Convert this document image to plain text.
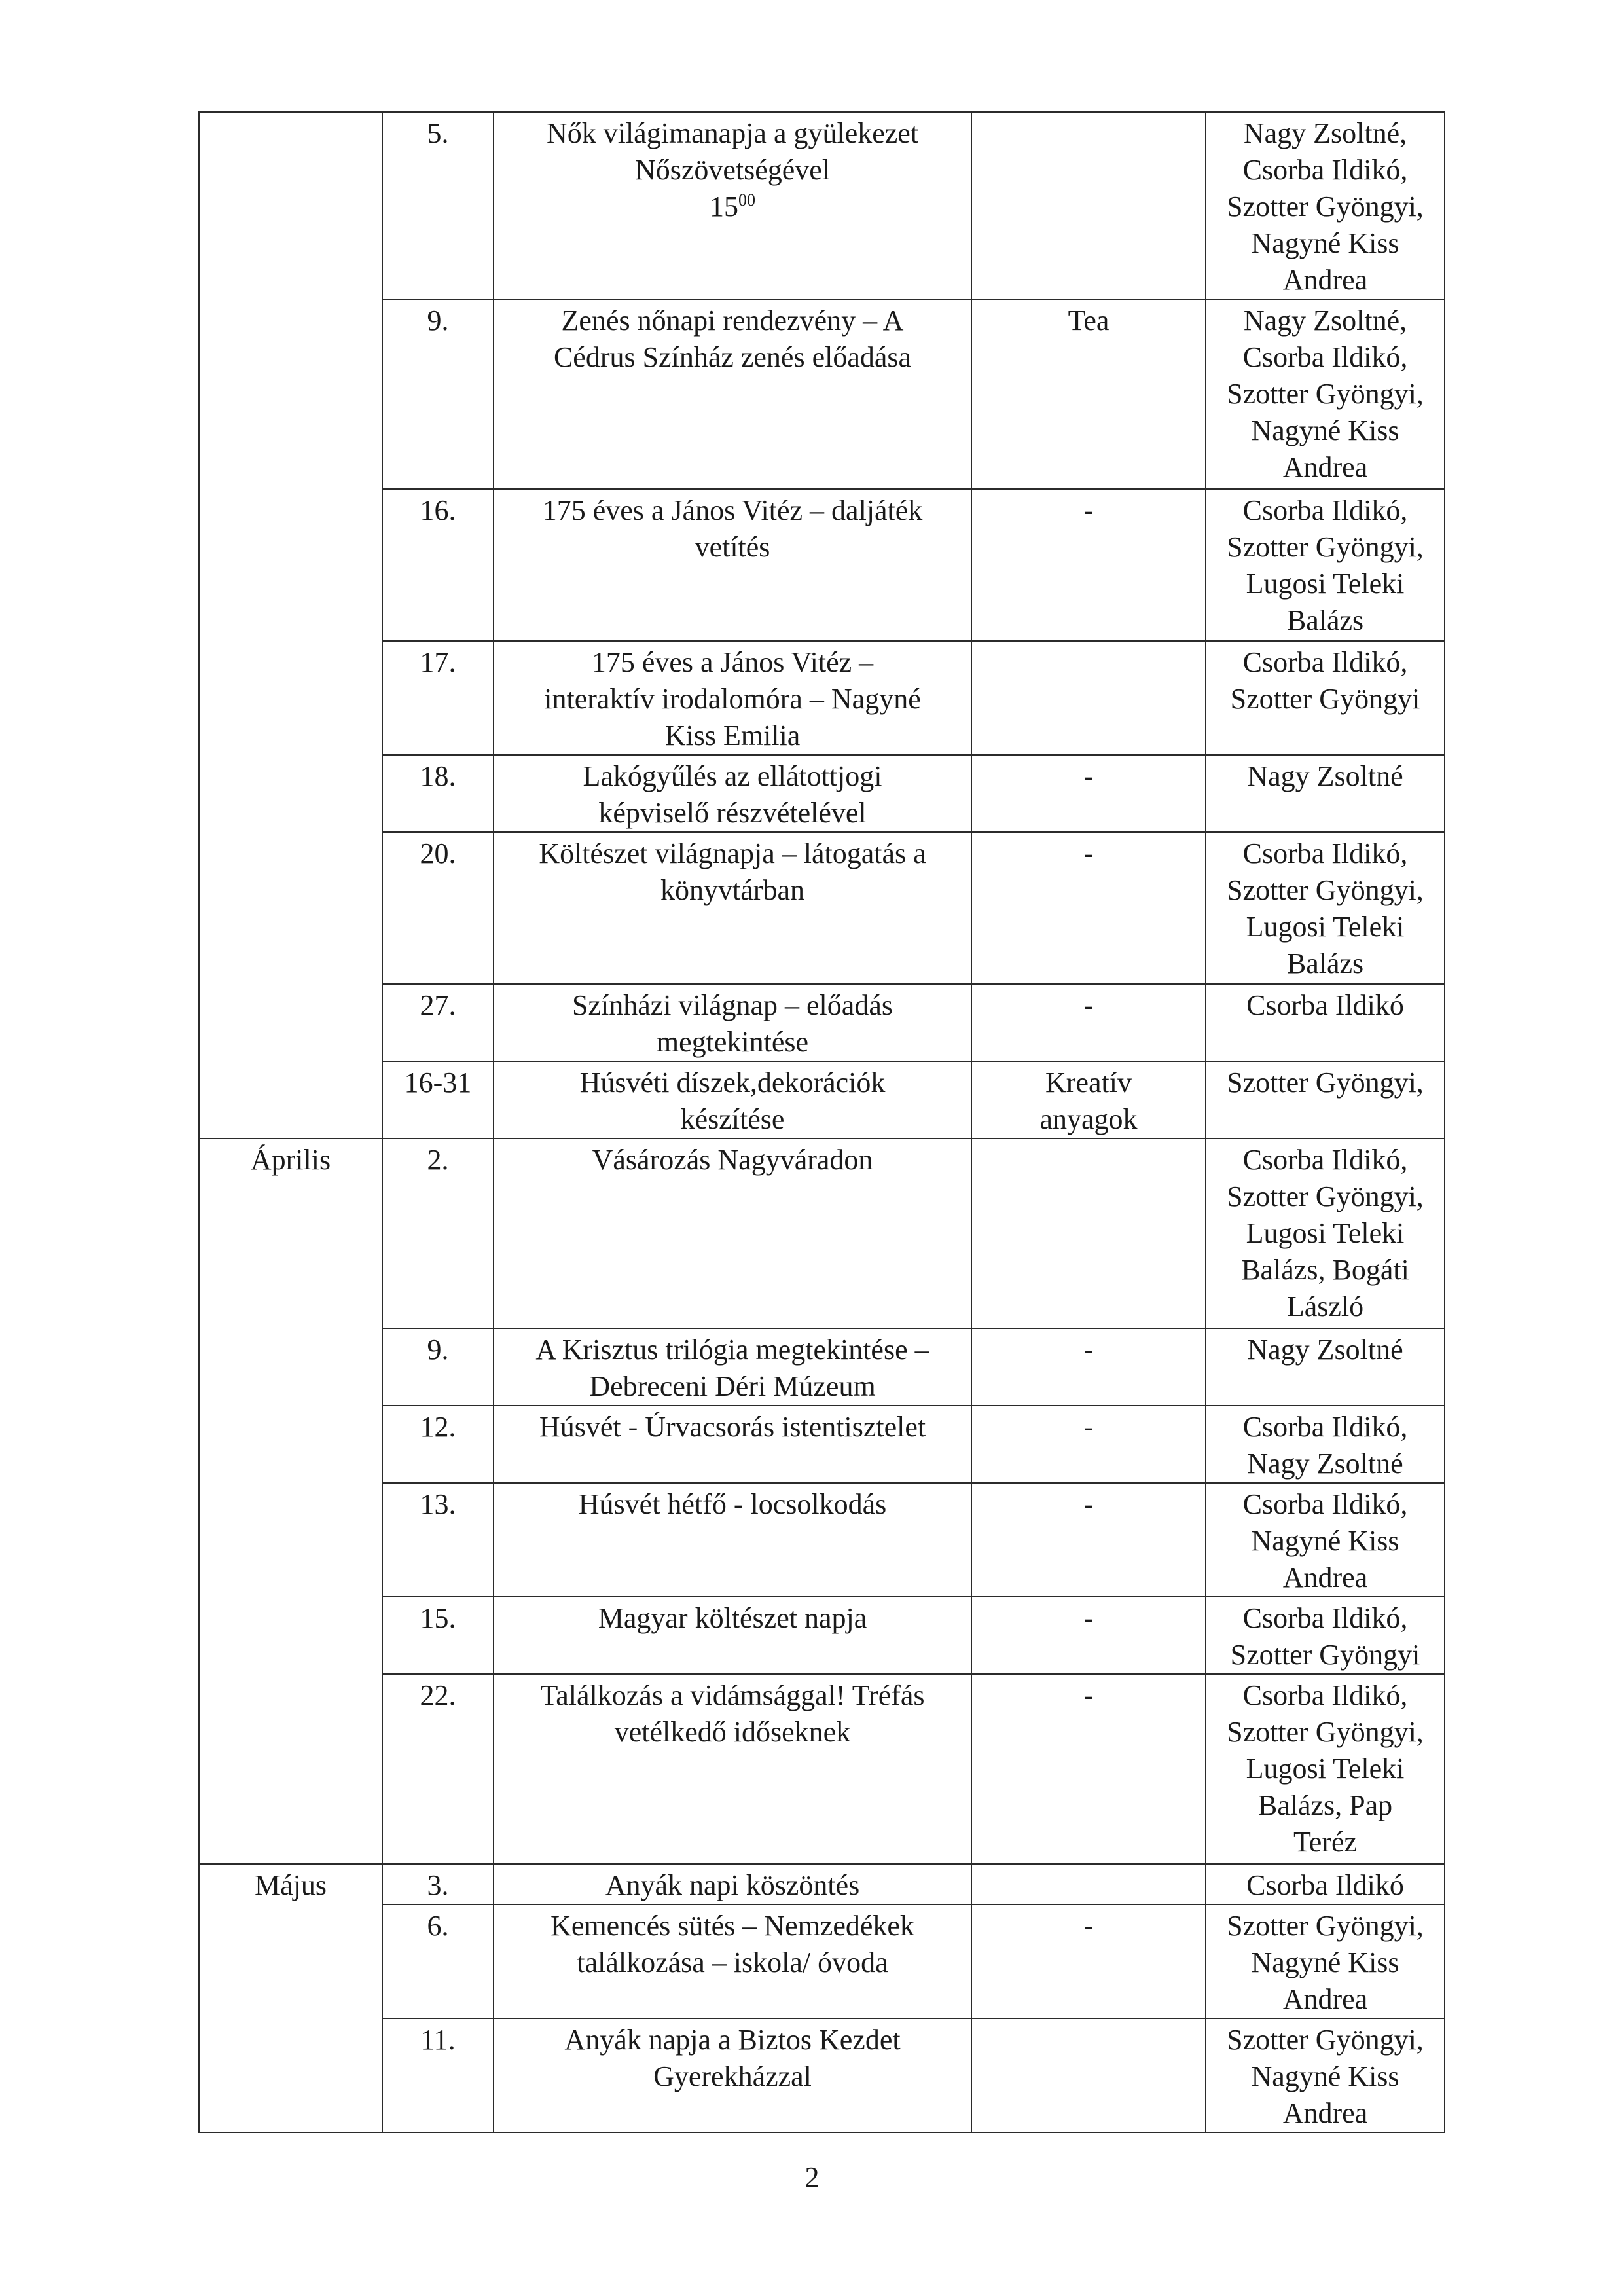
	5.	Nők világimanapja a gyülekezet
Nőszövetségével
$15^{00}$		Nagy Zsoltné,
Csorba Ildikó,
Szotter Gyöngyi,
Nagyné Kiss
Andrea

	9.	Zenés nőnapi rendezvény – A
Cédrus Színház zenés előadása	Tea	Nagy Zsoltné,
Csorba Ildikó,
Szotter Gyöngyi,
Nagyné Kiss
Andrea

	16.	175 éves a János Vitéz – daljáték
vetítés	-	Csorba Ildikó,
Szotter Gyöngyi,
Lugosi Teleki
Balázs

	17.	175 éves a János Vitéz –
interaktív irodalomóra – Nagyné
Kiss Emilia		Csorba Ildikó,
Szotter Gyöngyi

	18.	Lakógyűlés az ellátottjogi
képviselő részvételével	-	Nagy Zsoltné

	20.	Költészet világnapja – látogatás a
könyvtárban	-	Csorba Ildikó,
Szotter Gyöngyi,
Lugosi Teleki
Balázs

	27.	Színházi világnap – előadás
megtekintése	-	Csorba Ildikó

	16-31	Húsvéti díszek,dekorációk
készítése	Kreatív anyagok	Szotter Gyöngyi,

Április	2.	Vásározás Nagyváradon		Csorba Ildikó,
Szotter Gyöngyi,
Lugosi Teleki
Balázs, Bogáti
László

	9.	A Krisztus trilógia megtekintése –
Debreceni Déri Múzeum	-	Nagy Zsoltné

	12.	Húsvét - Úrvacsorás istentisztelet	-	Csorba Ildikó,
Nagy Zsoltné

	13.	Húsvét hétfő - locsolkodás	-	Csorba Ildikó,
Nagyné Kiss
Andrea

	15.	Magyar költészet napja	-	Csorba Ildikó,
Szotter Gyöngyi

	22.	Találkozás a vidámsággal! Tréfás
vetélkedő időseknek	-	Csorba Ildikó,
Szotter Gyöngyi,
Lugosi Teleki
Balázs, Pap
Teréz

Május	3.	Anyák napi köszöntés		Csorba Ildikó

	6.	Kemencés sütés – Nemzedékek
találkozása – iskola/ óvoda	-	Szotter Gyöngyi,
Nagyné Kiss
Andrea

	11.	Anyák napja a Biztos Kezdet
Gyerekházzal		Szotter Gyöngyi,
Nagyné Kiss
Andrea
2
